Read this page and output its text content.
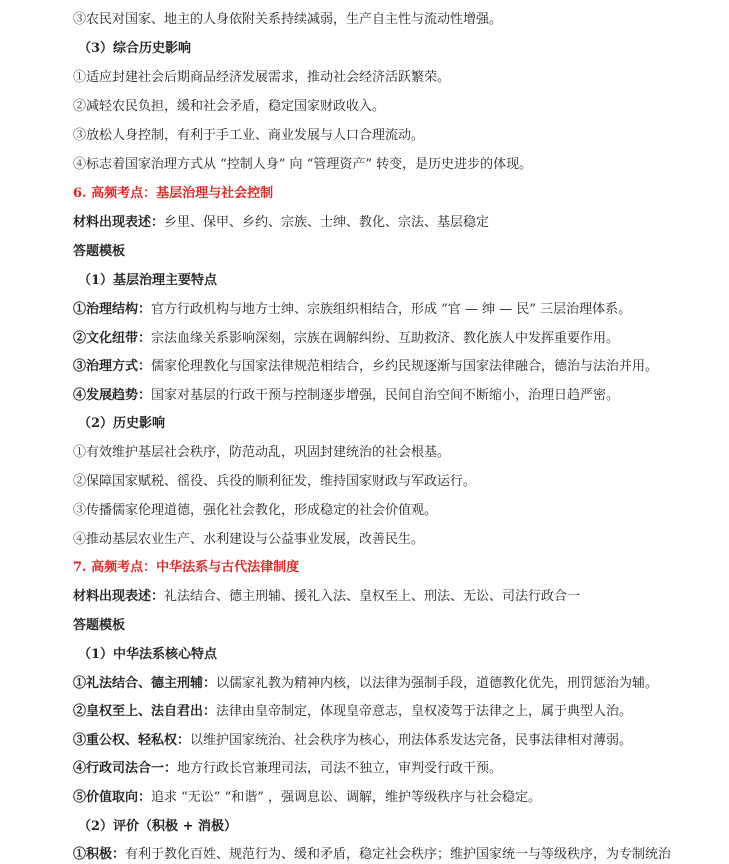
③农民对国家、地主的人身依附关系持续减弱，生产自主性与流动性增强。
（3）综合历史影响
①适应封建社会后期商品经济发展需求，推动社会经济活跃繁荣。
②减轻农民负担，缓和社会矛盾，稳定国家财政收入。
③放松人身控制，有利于手工业、商业发展与人口合理流动。
④标志着国家治理方式从 “控制人身” 向 “管理资产” 转变，是历史进步的体现。
6. 高频考点：基层治理与社会控制
材料出现表述：乡里、保甲、乡约、宗族、士绅、教化、宗法、基层稳定
答题模板
（1）基层治理主要特点
①治理结构：官方行政机构与地方士绅、宗族组织相结合，形成 “官 — 绅 — 民” 三层治理体系。
②文化纽带：宗法血缘关系影响深刻，宗族在调解纠纷、互助救济、教化族人中发挥重要作用。
③治理方式：儒家伦理教化与国家法律规范相结合，乡约民规逐渐与国家法律融合，德治与法治并用。
④发展趋势：国家对基层的行政干预与控制逐步增强，民间自治空间不断缩小，治理日趋严密。
（2）历史影响
①有效维护基层社会秩序，防范动乱，巩固封建统治的社会根基。
②保障国家赋税、徭役、兵役的顺利征发，维持国家财政与军政运行。
③传播儒家伦理道德，强化社会教化，形成稳定的社会价值观。
④推动基层农业生产、水利建设与公益事业发展，改善民生。
7. 高频考点：中华法系与古代法律制度
材料出现表述：礼法结合、德主刑辅、援礼入法、皇权至上、刑法、无讼、司法行政合一
答题模板
（1）中华法系核心特点
①礼法结合、德主刑辅：以儒家礼教为精神内核，以法律为强制手段，道德教化优先，刑罚惩治为辅。
②皇权至上、法自君出：法律由皇帝制定，体现皇帝意志，皇权凌驾于法律之上，属于典型人治。
③重公权、轻私权：以维护国家统治、社会秩序为核心，刑法体系发达完备，民事法律相对薄弱。
④行政司法合一：地方行政长官兼理司法，司法不独立，审判受行政干预。
⑤价值取向：追求 “无讼” “和谐” ，强调息讼、调解，维护等级秩序与社会稳定。
（2）评价（积极 + 消极）
①积极：有利于教化百姓、规范行为、缓和矛盾，稳定社会秩序；维护国家统一与等级秩序，为专制统治
